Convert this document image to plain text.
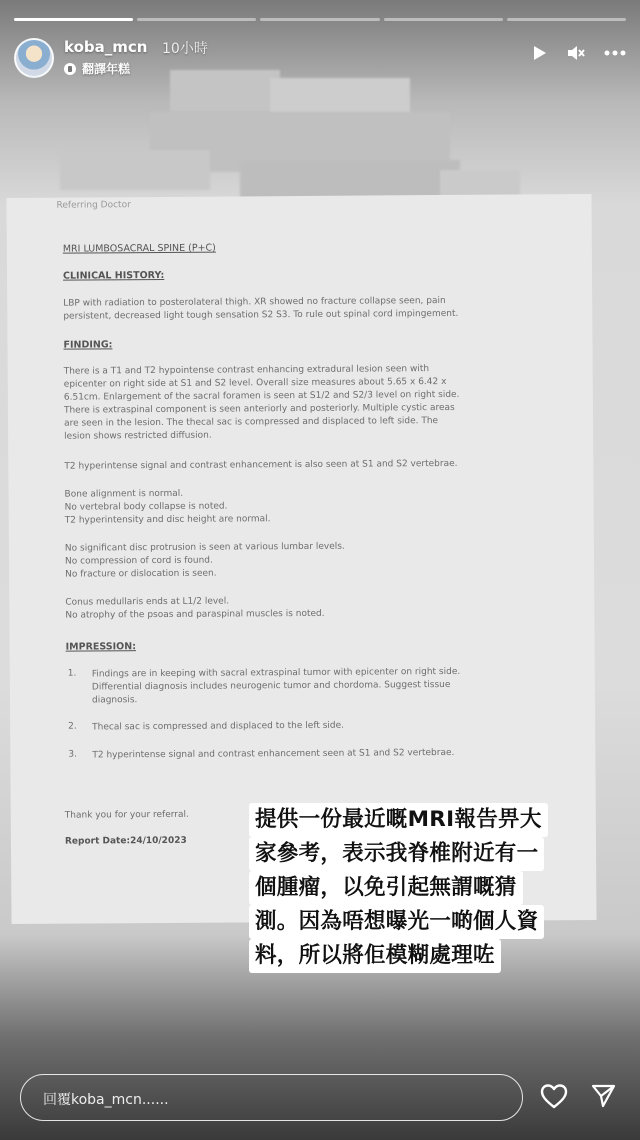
koba_mcn 10小時
翻譯年糕
Referring Doctor
MRI LUMBOSACRAL SPINE (P+C)
CLINICAL HISTORY:
LBP with radiation to posterolateral thigh. XR showed no fracture collapse seen, pain
persistent, decreased light tough sensation S2 S3. To rule out spinal cord impingement.
FINDING:
There is a T1 and T2 hypointense contrast enhancing extradural lesion seen with
epicenter on right side at S1 and S2 level. Overall size measures about 5.65 x 6.42 x
6.51cm. Enlargement of the sacral foramen is seen at S1/2 and S2/3 level on right side.
There is extraspinal component is seen anteriorly and posteriorly. Multiple cystic areas
are seen in the lesion. The thecal sac is compressed and displaced to left side. The
lesion shows restricted diffusion.
T2 hyperintense signal and contrast enhancement is also seen at S1 and S2 vertebrae.
Bone alignment is normal.
No vertebral body collapse is noted.
T2 hyperintensity and disc height are normal.
No significant disc protrusion is seen at various lumbar levels.
No compression of cord is found.
No fracture or dislocation is seen.
Conus medullaris ends at L1/2 level.
No atrophy of the psoas and paraspinal muscles is noted.
IMPRESSION:
1. Findings are in keeping with sacral extraspinal tumor with epicenter on right side.
Differential diagnosis includes neurogenic tumor and chordoma. Suggest tissue
diagnosis.
2. Thecal sac is compressed and displaced to the left side.
3. T2 hyperintense signal and contrast enhancement seen at S1 and S2 vertebrae.
Thank you for your referral.
Report Date:24/10/2023
提供一份最近嘅MRI報告畀大
家參考，表示我脊椎附近有一
個腫瘤，以免引起無謂嘅猜
測。因為唔想曝光一啲個人資
料，所以將佢模糊處理咗
回覆koba_mcn......
